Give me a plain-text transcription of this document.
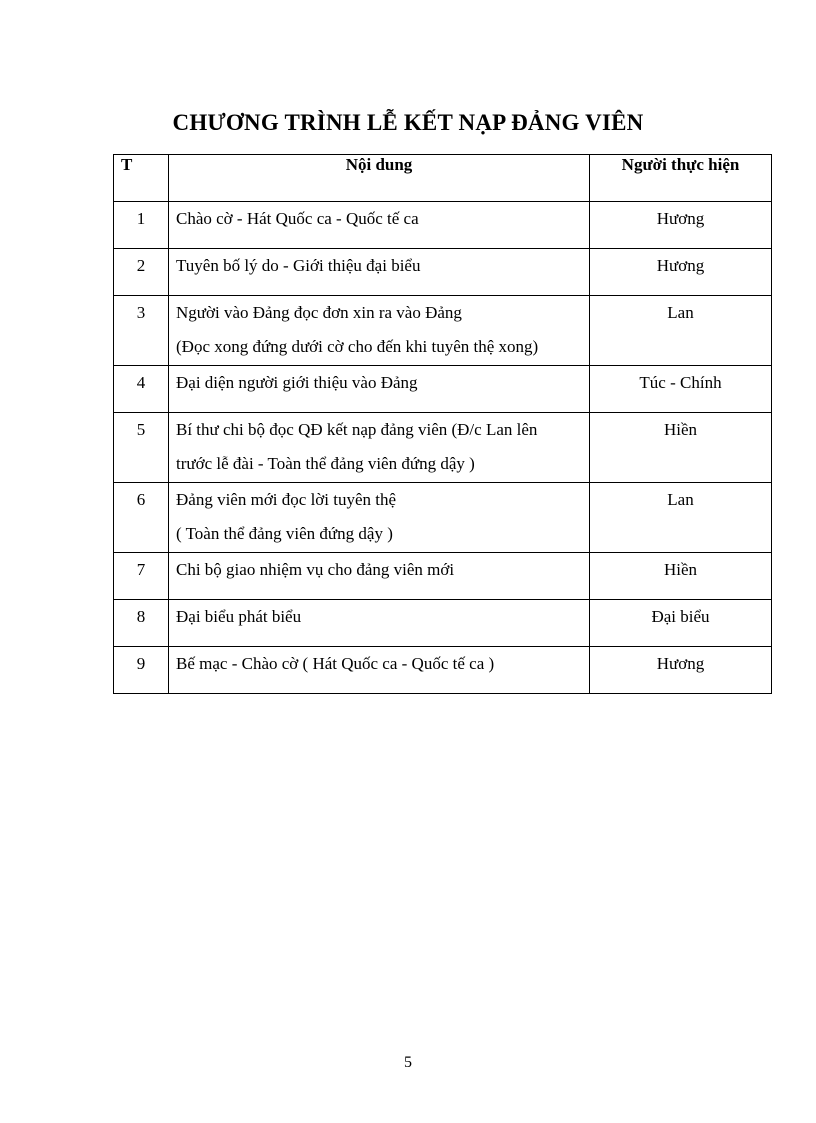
CHƯƠNG TRÌNH LỄ KẾT NẠP ĐẢNG VIÊN
T	Nội dung	Người thực hiện
1	Chào cờ - Hát Quốc ca - Quốc tế ca	Hương
2	Tuyên bố lý do - Giới thiệu đại biểu	Hương
3	Người vào Đảng đọc đơn xin ra vào Đảng
(Đọc xong đứng dưới cờ cho đến khi tuyên thệ xong)	Lan
4	Đại diện người giới thiệu vào Đảng	Túc - Chính
5	Bí thư chi bộ đọc QĐ kết nạp đảng viên (Đ/c Lan lên
trước lễ đài - Toàn thể đảng viên đứng dậy )	Hiền
6	Đảng viên mới đọc lời tuyên thệ
( Toàn thể đảng viên đứng dậy )	Lan
7	Chi bộ giao nhiệm vụ cho đảng viên mới	Hiền
8	Đại biểu phát biểu	Đại biểu
9	Bế mạc - Chào cờ ( Hát Quốc ca - Quốc tế ca )	Hương
5
